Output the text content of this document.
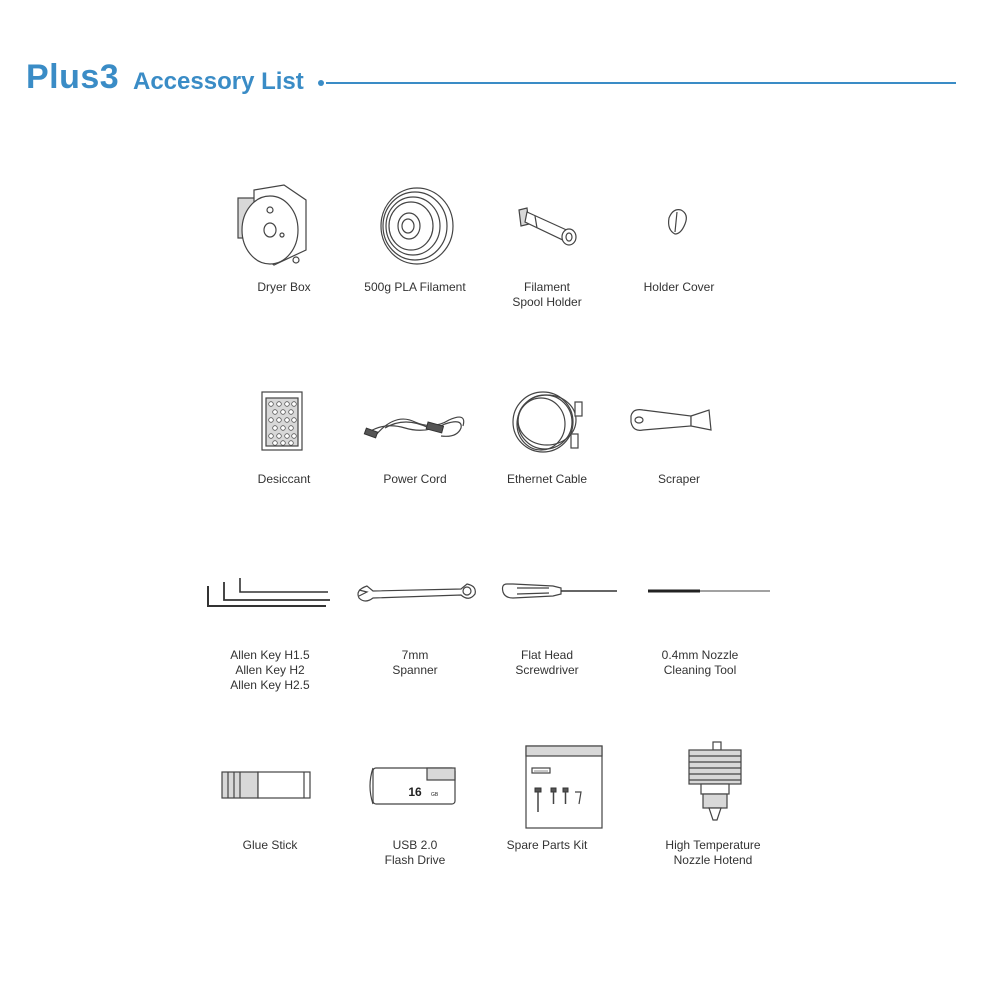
Plus3 Accessory List
Dryer Box	500g PLA Filament	Filament
Spool Holder
Holder Cover
Desiccant	Power Cord	Ethernet Cable	Scraper
Allen Key H1.5
Allen Key H2
Allen Key H2.5
7mm
Spanner
Flat Head
Screwdriver
0.4mm Nozzle
Cleaning Tool
Glue Stick
16 GB
USB 2.0
Flash Drive
Spare Parts Kit	High Temperature
Nozzle Hotend
